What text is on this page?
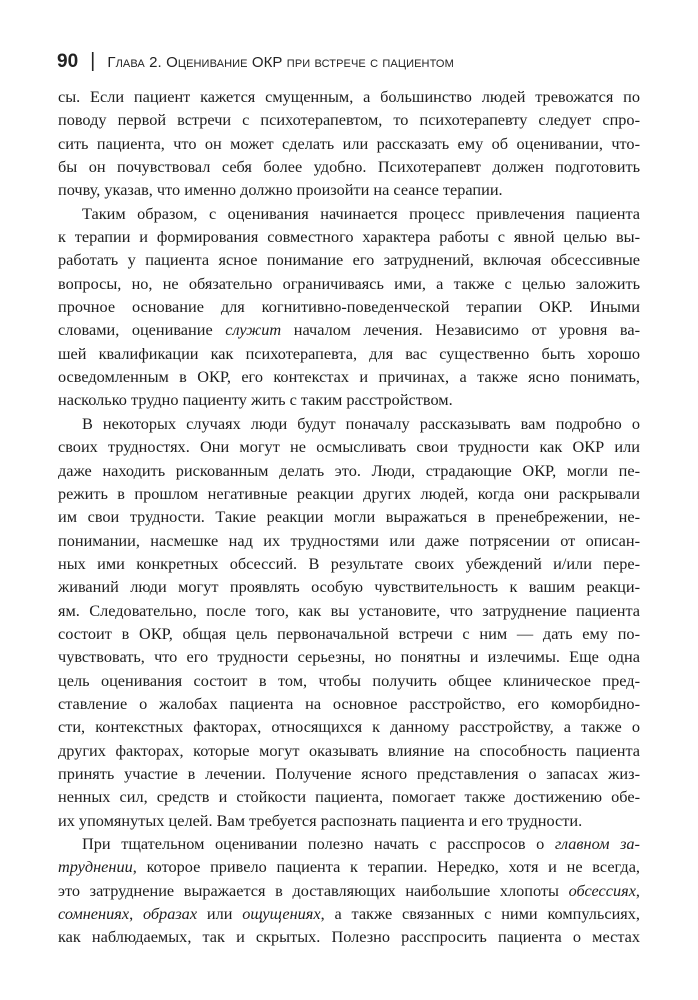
90 | Глава 2. Оценивание ОКР при встрече с пациентом
сы. Если пациент кажется смущенным, а большинство людей тревожатся по
поводу первой встречи с психотерапевтом, то психотерапевту следует спро-
сить пациента, что он может сделать или рассказать ему об оценивании, что-
бы он почувствовал себя более удобно. Психотерапевт должен подготовить
почву, указав, что именно должно произойти на сеансе терапии.
Таким образом, с оценивания начинается процесс привлечения пациента
к терапии и формирования совместного характера работы с явной целью вы-
работать у пациента ясное понимание его затруднений, включая обсессивные
вопросы, но, не обязательно ограничиваясь ими, а также с целью заложить
прочное основание для когнитивно-поведенческой терапии ОКР. Иными
словами, оценивание служит началом лечения. Независимо от уровня ва-
шей квалификации как психотерапевта, для вас существенно быть хорошо
осведомленным в ОКР, его контекстах и причинах, а также ясно понимать,
насколько трудно пациенту жить с таким расстройством.
В некоторых случаях люди будут поначалу рассказывать вам подробно о
своих трудностях. Они могут не осмысливать свои трудности как ОКР или
даже находить рискованным делать это. Люди, страдающие ОКР, могли пе-
режить в прошлом негативные реакции других людей, когда они раскрывали
им свои трудности. Такие реакции могли выражаться в пренебрежении, не-
понимании, насмешке над их трудностями или даже потрясении от описан-
ных ими конкретных обсессий. В результате своих убеждений и/или пере-
живаний люди могут проявлять особую чувствительность к вашим реакци-
ям. Следовательно, после того, как вы установите, что затруднение пациента
состоит в ОКР, общая цель первоначальной встречи с ним — дать ему по-
чувствовать, что его трудности серьезны, но понятны и излечимы. Еще одна
цель оценивания состоит в том, чтобы получить общее клиническое пред-
ставление о жалобах пациента на основное расстройство, его коморбидно-
сти, контекстных факторах, относящихся к данному расстройству, а также о
других факторах, которые могут оказывать влияние на способность пациента
принять участие в лечении. Получение ясного представления о запасах жиз-
ненных сил, средств и стойкости пациента, помогает также достижению обе-
их упомянутых целей. Вам требуется распознать пациента и его трудности.
При тщательном оценивании полезно начать с расспросов о главном за-
труднении, которое привело пациента к терапии. Нередко, хотя и не всегда,
это затруднение выражается в доставляющих наибольшие хлопоты обсессиях,
сомнениях, образах или ощущениях, а также связанных с ними компульсиях,
как наблюдаемых, так и скрытых. Полезно расспросить пациента о местах
